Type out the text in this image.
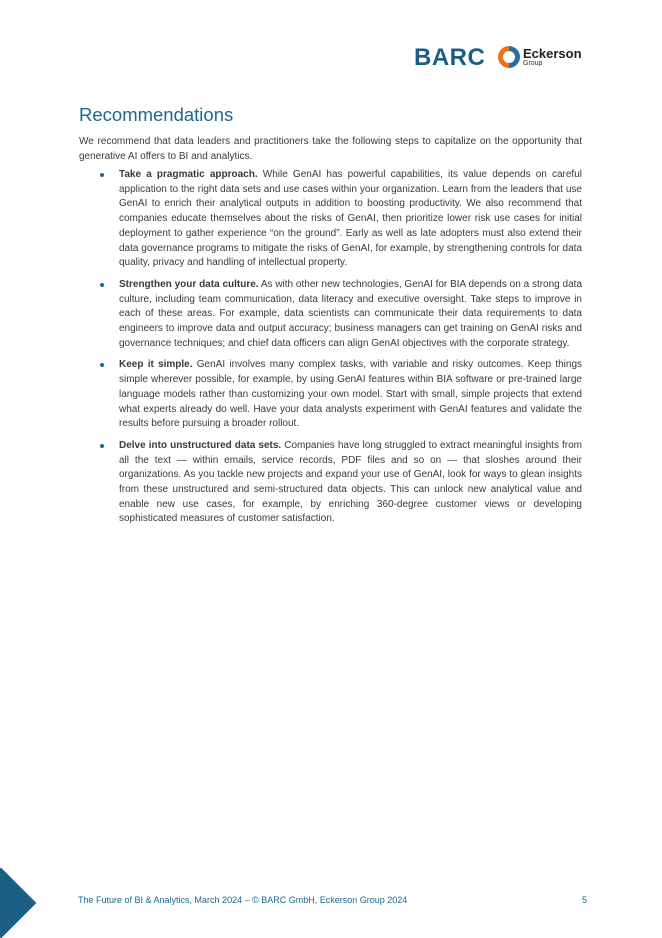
BARC	Eckerson
Group
Recommendations

We recommend that data leaders and practitioners take the following steps to capitalize on the opportunity that generative AI offers to BI and analytics.

Take a pragmatic approach. While GenAI has powerful capabilities, its value depends on careful application to the right data sets and use cases within your organization. Learn from the leaders that use GenAI to enrich their analytical outputs in addition to boosting productivity. We also recommend that companies educate themselves about the risks of GenAI, then prioritize lower risk use cases for initial deployment to gather experience “on the ground”. Early as well as late adopters must also extend their data governance programs to mitigate the risks of GenAI, for example, by strengthening controls for data quality, privacy and handling of intellectual property.
Strengthen your data culture. As with other new technologies, GenAI for BIA depends on a strong data culture, including team communication, data literacy and executive oversight. Take steps to improve in each of these areas. For example, data scientists can communicate their data requirements to data engineers to improve data and output accuracy; business managers can get training on GenAI risks and governance techniques; and chief data officers can align GenAI objectives with the corporate strategy.
Keep it simple. GenAI involves many complex tasks, with variable and risky outcomes. Keep things simple wherever possible, for example, by using GenAI features within BIA software or pre-trained large language models rather than customizing your own model. Start with small, simple projects that extend what experts already do well. Have your data analysts experiment with GenAI features and validate the results before pursuing a broader rollout.
Delve into unstructured data sets. Companies have long struggled to extract meaningful insights from all the text — within emails, service records, PDF files and so on — that sloshes around their organizations. As you tackle new projects and expand your use of GenAI, look for ways to glean insights from these unstructured and semi-structured data objects. This can unlock new analytical value and enable new use cases, for example, by enriching 360-degree customer views or developing sophisticated measures of customer satisfaction.
The Future of BI & Analytics, March 2024 – © BARC GmbH, Eckerson Group 2024	5
